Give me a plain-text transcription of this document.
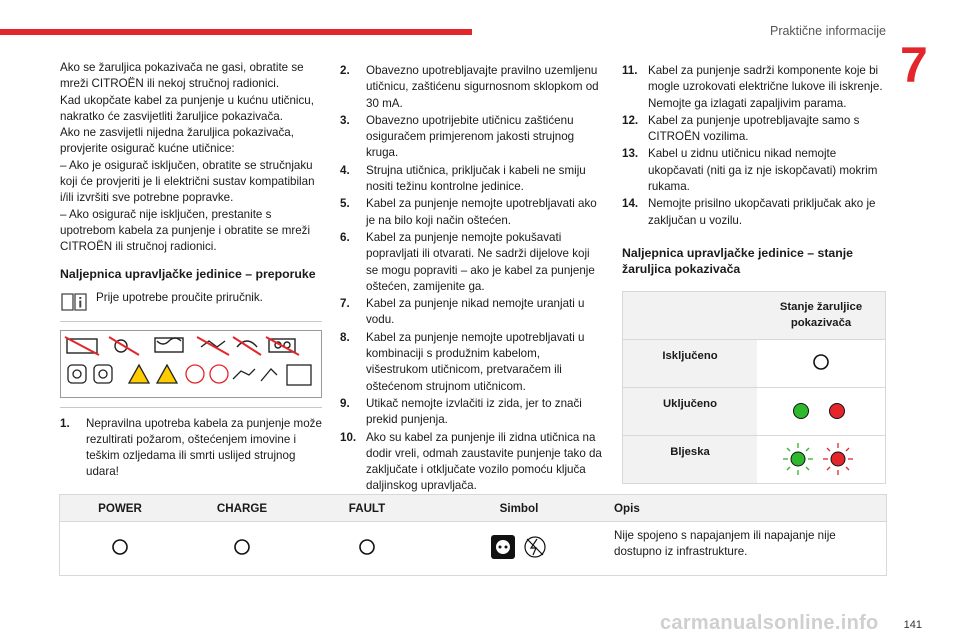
Praktične informacije
7

Ako se žaruljica pokazivača ne gasi, obratite se mreži CITROËN ili nekoj stručnoj radionici.

Kad ukopčate kabel za punjenje u kućnu utičnicu, nakratko će zasvijetliti žaruljice pokazivača.

Ako ne zasvijetli nijedna žaruljica pokazivača, provjerite osigurač kućne utičnice:

– Ako je osigurač isključen, obratite se stručnjaku koji će provjeriti je li električni sustav kompatibilan i/ili izvršiti sve potrebne popravke.

– Ako osigurač nije isključen, prestanite s upotrebom kabela za punjenje i obratite se mreži CITROËN ili stručnoj radionici.

Naljepnica upravljačke jedinice – preporuke
Prije upotrebe proučite priručnik.
1.	Nepravilna upotreba kabela za punjenje može rezultirati požarom, oštećenjem imovine i teškim ozljedama ili smrti uslijed strujnog udara!
2.	Obavezno upotrebljavajte pravilno uzemljenu utičnicu, zaštićenu sigurnosnom sklopkom od 30 mA.
3.	Obavezno upotrijebite utičnicu zaštićenu osiguračem primjerenom jakosti strujnog kruga.
4.	Strujna utičnica, priključak i kabeli ne smiju nositi težinu kontrolne jedinice.
5.	Kabel za punjenje nemojte upotrebljavati ako je na bilo koji način oštećen.
6.	Kabel za punjenje nemojte pokušavati popravljati ili otvarati. Ne sadrži dijelove koji se mogu popraviti – ako je kabel za punjenje oštećen, zamijenite ga.
7.	Kabel za punjenje nikad nemojte uranjati u vodu.
8.	Kabel za punjenje nemojte upotrebljavati u kombinaciji s produžnim kabelom, višestrukom utičnicom, pretvaračem ili oštećenom strujnom utičnicom.
9.	Utikač nemojte izvlačiti iz zida, jer to znači prekid punjenja.
10. Ako su kabel za punjenje ili zidna utičnica na dodir vreli, odmah zaustavite punjenje tako da zaključate i otključate vozilo pomoću ključa daljinskog upravljača.
11. Kabel za punjenje sadrži komponente koje bi mogle uzrokovati električne lukove ili iskrenje. Nemojte ga izlagati zapaljivim parama.
12. Kabel za punjenje upotrebljavajte samo s CITROËN vozilima.
13. Kabel u zidnu utičnicu nikad nemojte ukopčavati (niti ga iz nje iskopčavati) mokrim rukama.
14. Nemojte prisilno ukopčavati priključak ako je zaključan u vozilu.
Naljepnica upravljačke jedinice – stanje žaruljica pokazivača
	Stanje žaruljice pokazivača
Isključeno	
Uključeno	
Bljeska	
POWER	CHARGE	FAULT	Simbol	Opis
				Nije spojeno s napajanjem ili napajanje nije dostupno iz infrastrukture.
carmanualsonline.info 141
